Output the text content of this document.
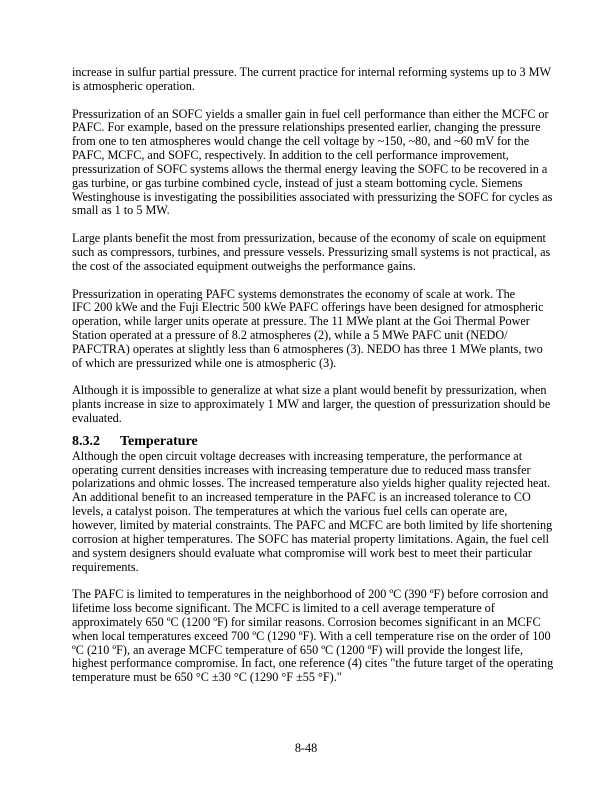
increase in sulfur partial pressure. The current practice for internal reforming systems up to 3 MW
is atmospheric operation.
Pressurization of an SOFC yields a smaller gain in fuel cell performance than either the MCFC or
PAFC. For example, based on the pressure relationships presented earlier, changing the pressure
from one to ten atmospheres would change the cell voltage by ~150, ~80, and ~60 mV for the
PAFC, MCFC, and SOFC, respectively. In addition to the cell performance improvement,
pressurization of SOFC systems allows the thermal energy leaving the SOFC to be recovered in a
gas turbine, or gas turbine combined cycle, instead of just a steam bottoming cycle. Siemens
Westinghouse is investigating the possibilities associated with pressurizing the SOFC for cycles as
small as 1 to 5 MW.
Large plants benefit the most from pressurization, because of the economy of scale on equipment
such as compressors, turbines, and pressure vessels. Pressurizing small systems is not practical, as
the cost of the associated equipment outweighs the performance gains.
Pressurization in operating PAFC systems demonstrates the economy of scale at work. The
IFC 200 kWe and the Fuji Electric 500 kWe PAFC offerings have been designed for atmospheric
operation, while larger units operate at pressure. The 11 MWe plant at the Goi Thermal Power
Station operated at a pressure of 8.2 atmospheres (2), while a 5 MWe PAFC unit (NEDO/
PAFCTRA) operates at slightly less than 6 atmospheres (3). NEDO has three 1 MWe plants, two
of which are pressurized while one is atmospheric (3).
Although it is impossible to generalize at what size a plant would benefit by pressurization, when
plants increase in size to approximately 1 MW and larger, the question of pressurization should be
evaluated.
8.3.2 Temperature
Although the open circuit voltage decreases with increasing temperature, the performance at
operating current densities increases with increasing temperature due to reduced mass transfer
polarizations and ohmic losses. The increased temperature also yields higher quality rejected heat.
An additional benefit to an increased temperature in the PAFC is an increased tolerance to CO
levels, a catalyst poison. The temperatures at which the various fuel cells can operate are,
however, limited by material constraints. The PAFC and MCFC are both limited by life shortening
corrosion at higher temperatures. The SOFC has material property limitations. Again, the fuel cell
and system designers should evaluate what compromise will work best to meet their particular
requirements.
The PAFC is limited to temperatures in the neighborhood of 200 ºC (390 ºF) before corrosion and
lifetime loss become significant. The MCFC is limited to a cell average temperature of
approximately 650 ºC (1200 ºF) for similar reasons. Corrosion becomes significant in an MCFC
when local temperatures exceed 700 ºC (1290 ºF). With a cell temperature rise on the order of 100
ºC (210 ºF), an average MCFC temperature of 650 ºC (1200 ºF) will provide the longest life,
highest performance compromise. In fact, one reference (4) cites "the future target of the operating
temperature must be 650 °C ±30 °C (1290 °F ±55 °F)."
8-48
